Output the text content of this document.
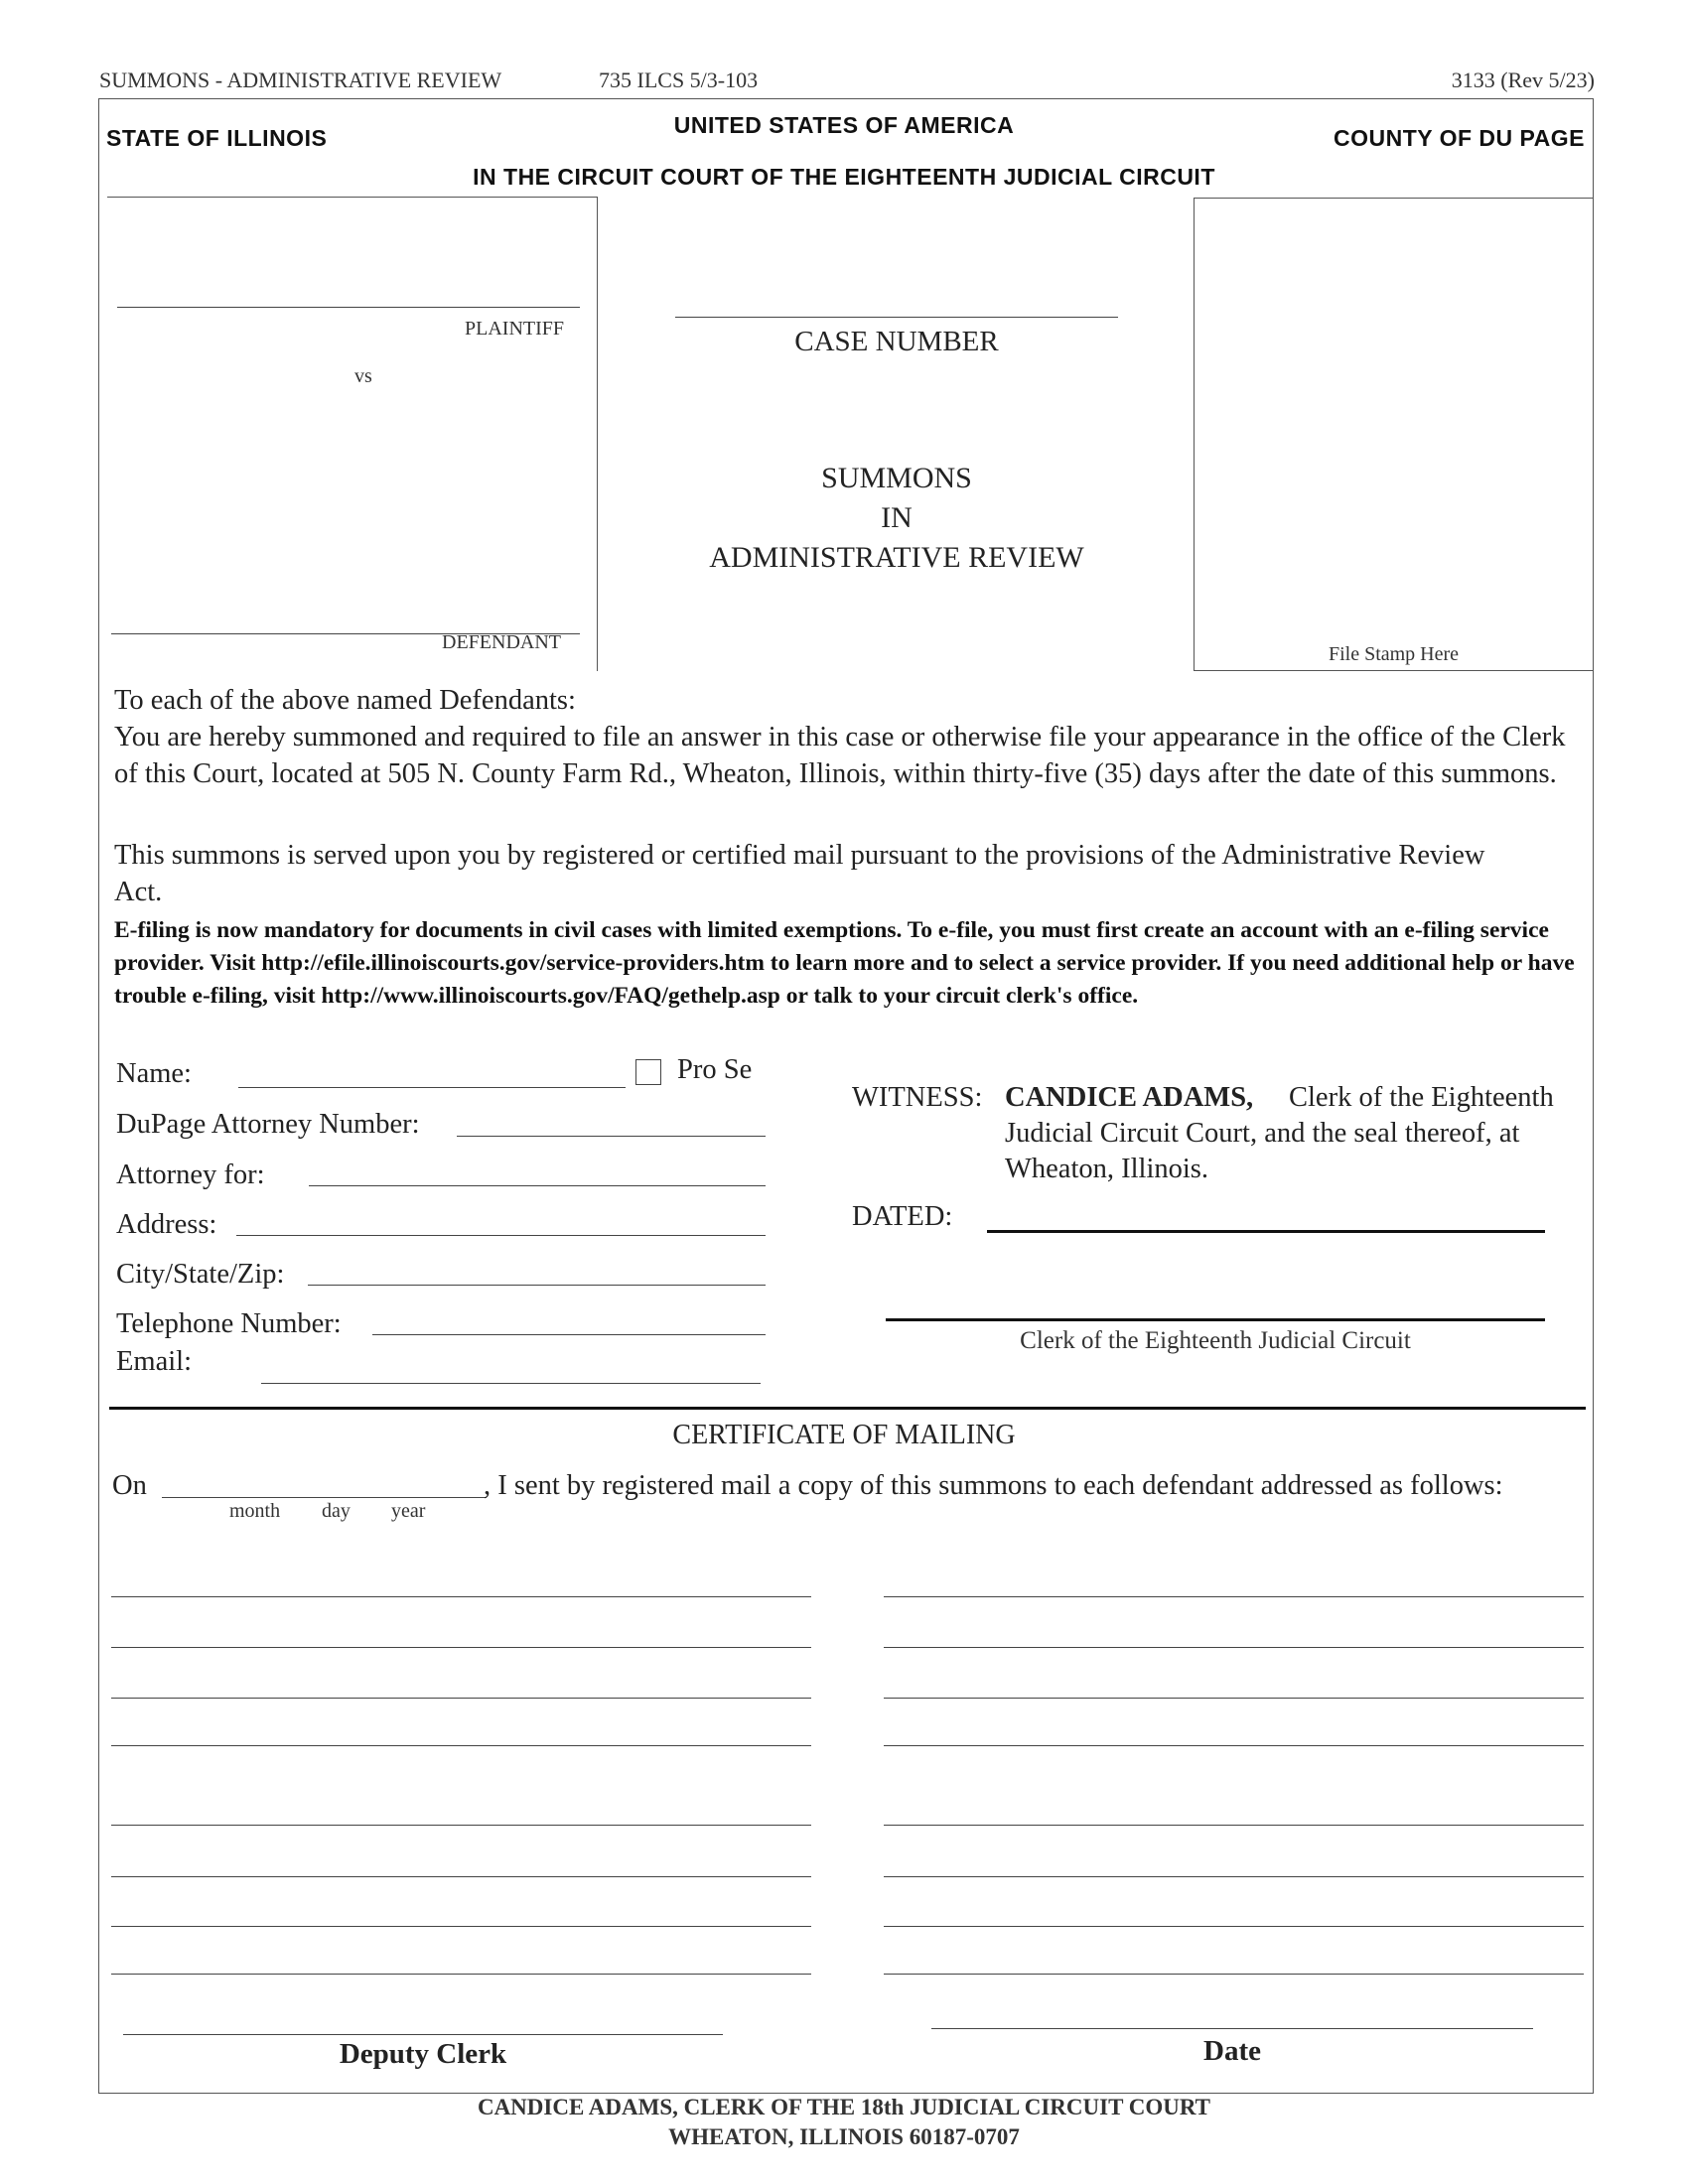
SUMMONS - ADMINISTRATIVE REVIEW	735 ILCS 5/3-103	3133 (Rev 5/23)
STATE OF ILLINOIS	UNITED STATES OF AMERICA	COUNTY OF DU PAGE
IN THE CIRCUIT COURT OF THE EIGHTEENTH JUDICIAL CIRCUIT
PLAINTIFF
vs
DEFENDANT
CASE NUMBER
SUMMONS
IN
ADMINISTRATIVE REVIEW
File Stamp Here
To each of the above named Defendants:
You are hereby summoned and required to file an answer in this case or otherwise file your appearance in the office of the Clerk of this Court, located at 505 N. County Farm Rd., Wheaton, Illinois, within thirty-five (35) days after the date of this summons.
This summons is served upon you by registered or certified mail pursuant to the provisions of the Administrative Review Act.
E-filing is now mandatory for documents in civil cases with limited exemptions. To e-file, you must first create an account with an e-filing service provider. Visit http://efile.illinoiscourts.gov/service-providers.htm to learn more and to select a service provider. If you need additional help or have trouble e-filing, visit http://www.illinoiscourts.gov/FAQ/gethelp.asp or talk to your circuit clerk's office.
Name:	Pro Se
DuPage Attorney Number:
Attorney for:
Address:
City/State/Zip:
Telephone Number:
Email:
WITNESS: CANDICE ADAMS, Clerk of the Eighteenth
Judicial Circuit Court, and the seal thereof, at
Wheaton, Illinois.
DATED:
Clerk of the Eighteenth Judicial Circuit
CERTIFICATE OF MAILING
On	, I sent by registered mail a copy of this summons to each defendant addressed as follows:
month day year
Deputy Clerk	Date
CANDICE ADAMS, CLERK OF THE 18th JUDICIAL CIRCUIT COURT
WHEATON, ILLINOIS 60187-0707
